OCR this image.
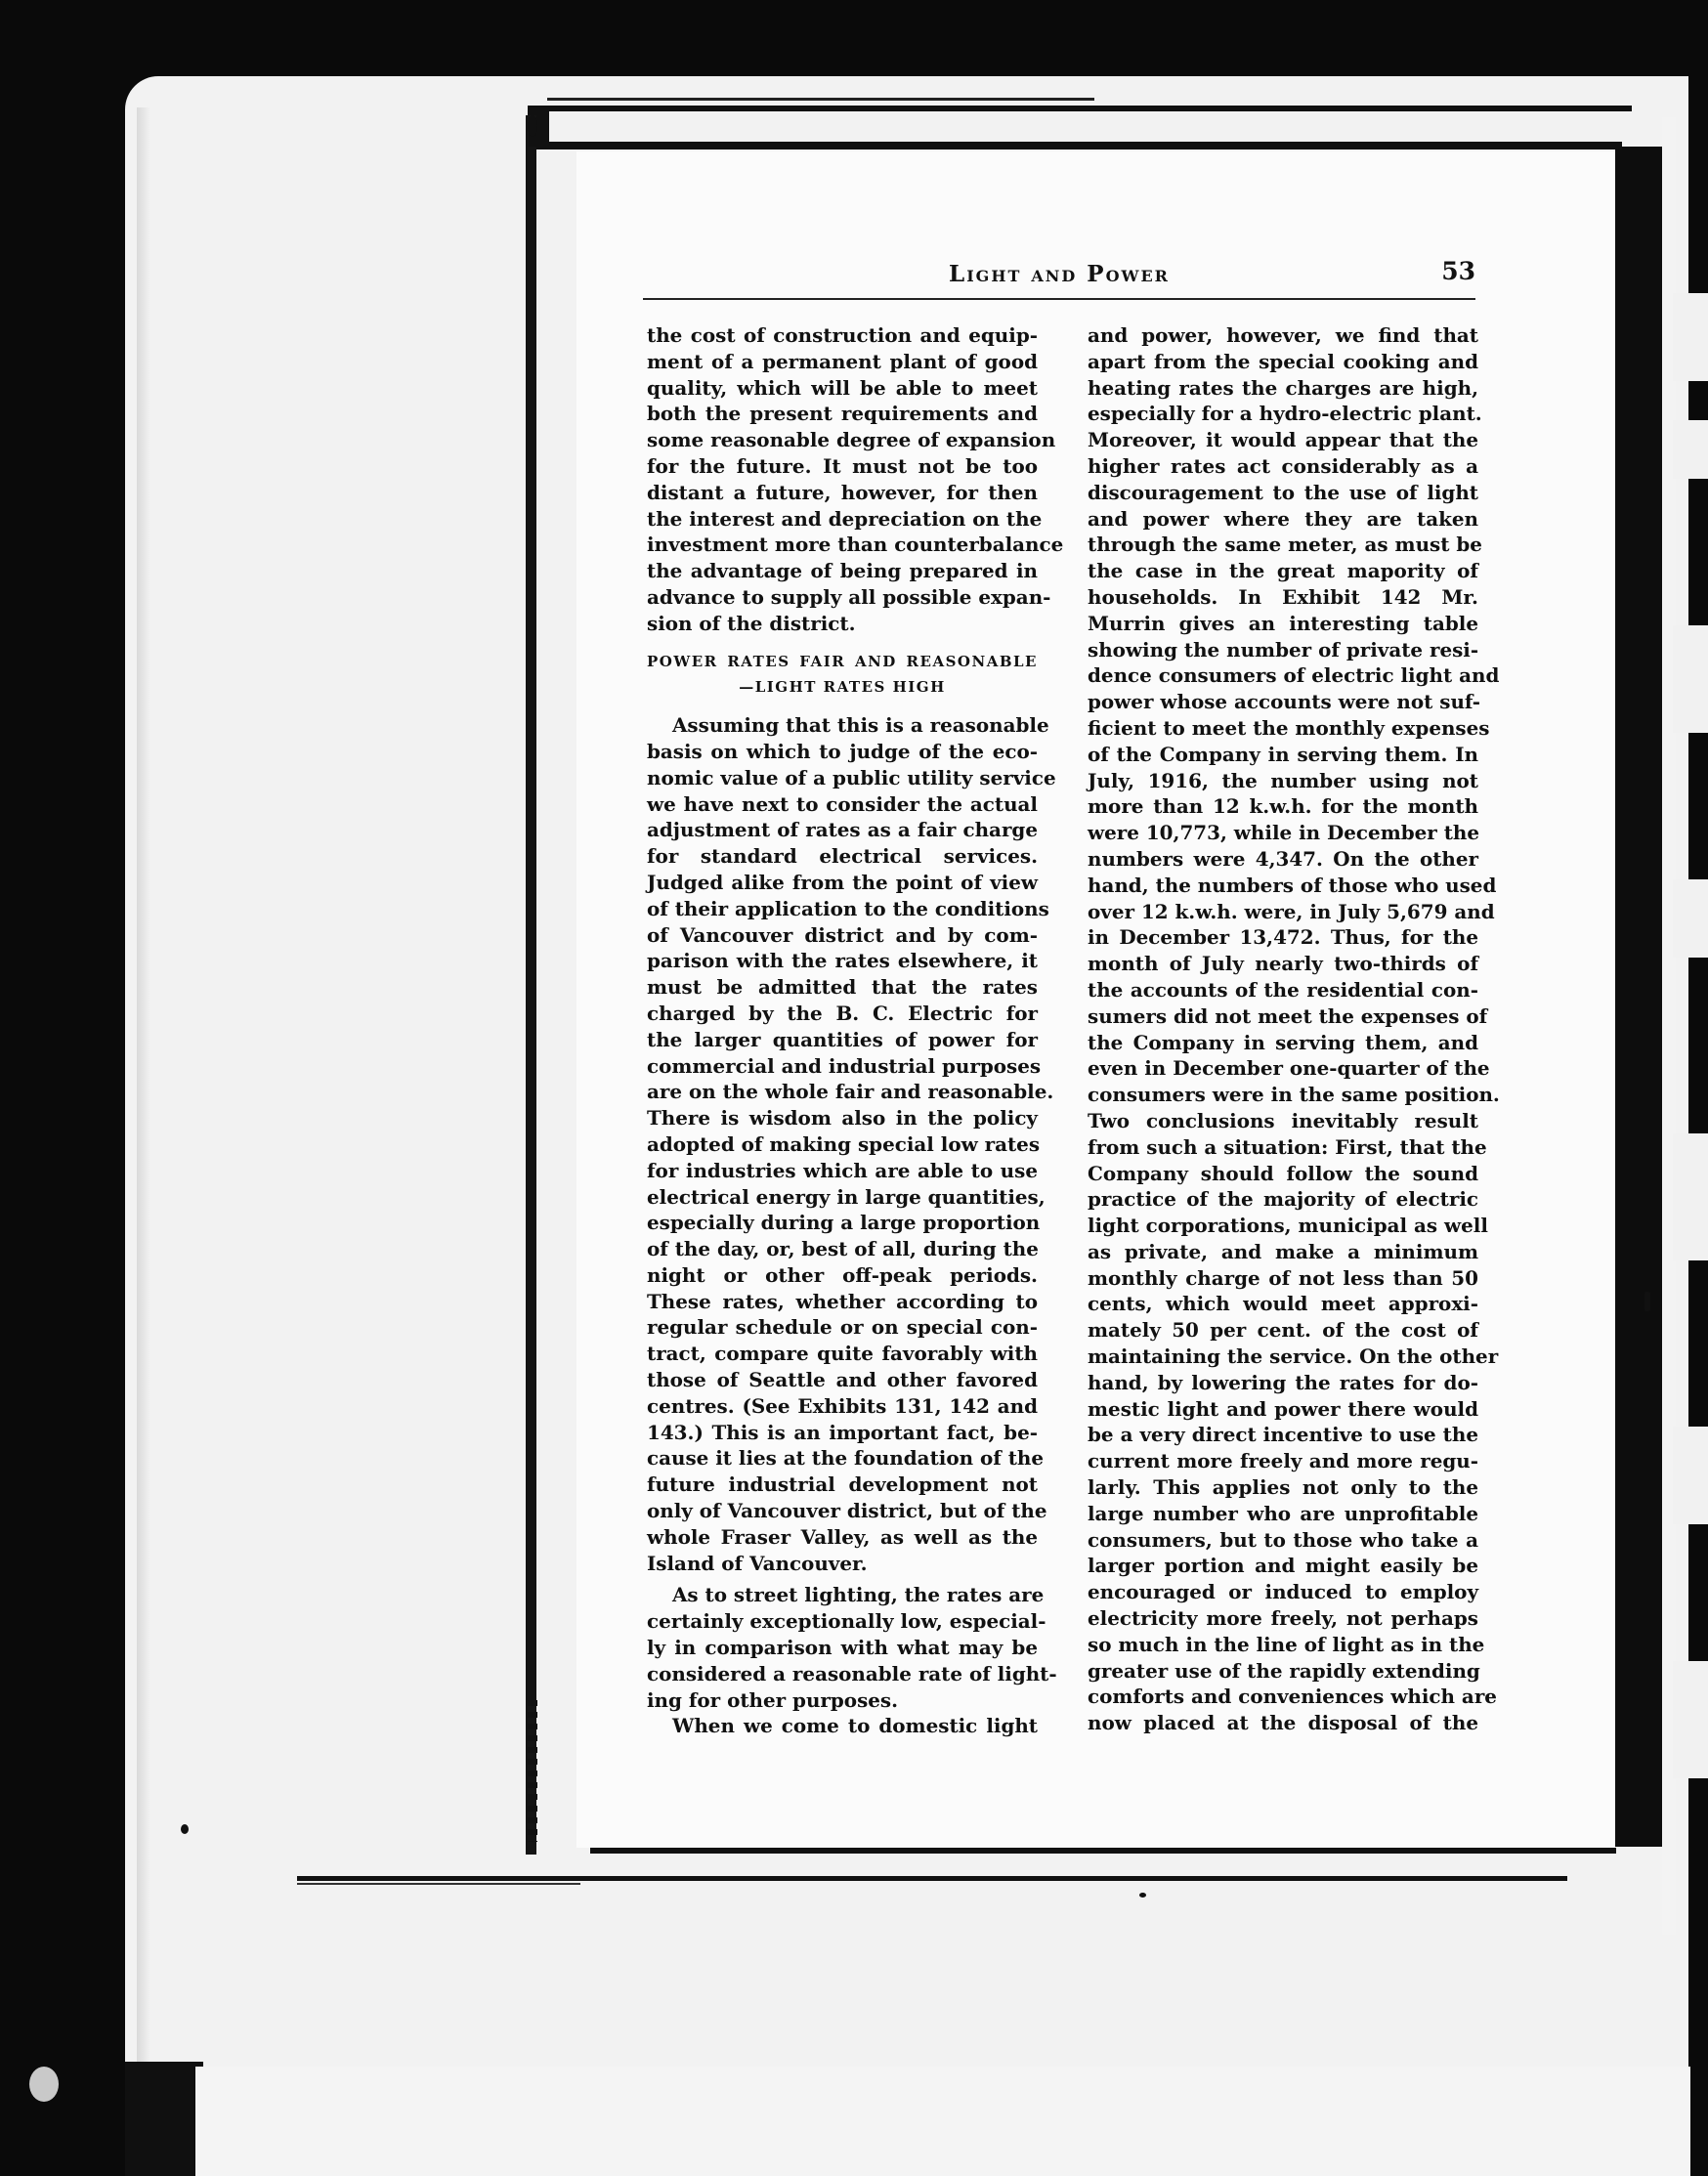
Light and Power	53
the cost of construction and equip-
ment of a permanent plant of good
quality, which will be able to meet
both the present requirements and
some reasonable degree of expansion
for the future. It must not be too
distant a future, however, for then
the interest and depreciation on the
investment more than counterbalance
the advantage of being prepared in
advance to supply all possible expan-
sion of the district.
POWER RATES FAIR AND REASONABLE
—LIGHT RATES HIGH
Assuming that this is a reasonable
basis on which to judge of the eco-
nomic value of a public utility service
we have next to consider the actual
adjustment of rates as a fair charge
for standard electrical services.
Judged alike from the point of view
of their application to the conditions
of Vancouver district and by com-
parison with the rates elsewhere, it
must be admitted that the rates
charged by the B. C. Electric for
the larger quantities of power for
commercial and industrial purposes
are on the whole fair and reasonable.
There is wisdom also in the policy
adopted of making special low rates
for industries which are able to use
electrical energy in large quantities,
especially during a large proportion
of the day, or, best of all, during the
night or other off-peak periods.
These rates, whether according to
regular schedule or on special con-
tract, compare quite favorably with
those of Seattle and other favored
centres. (See Exhibits 131, 142 and
143.) This is an important fact, be-
cause it lies at the foundation of the
future industrial development not
only of Vancouver district, but of the
whole Fraser Valley, as well as the
Island of Vancouver.
As to street lighting, the rates are
certainly exceptionally low, especial-
ly in comparison with what may be
considered a reasonable rate of light-
ing for other purposes.
When we come to domestic light
and power, however, we find that
apart from the special cooking and
heating rates the charges are high,
especially for a hydro-electric plant.
Moreover, it would appear that the
higher rates act considerably as a
discouragement to the use of light
and power where they are taken
through the same meter, as must be
the case in the great mapority of
households. In Exhibit 142 Mr.
Murrin gives an interesting table
showing the number of private resi-
dence consumers of electric light and
power whose accounts were not suf-
ficient to meet the monthly expenses
of the Company in serving them. In
July, 1916, the number using not
more than 12 k.w.h. for the month
were 10,773, while in December the
numbers were 4,347. On the other
hand, the numbers of those who used
over 12 k.w.h. were, in July 5,679 and
in December 13,472. Thus, for the
month of July nearly two-thirds of
the accounts of the residential con-
sumers did not meet the expenses of
the Company in serving them, and
even in December one-quarter of the
consumers were in the same position.
Two conclusions inevitably result
from such a situation: First, that the
Company should follow the sound
practice of the majority of electric
light corporations, municipal as well
as private, and make a minimum
monthly charge of not less than 50
cents, which would meet approxi-
mately 50 per cent. of the cost of
maintaining the service. On the other
hand, by lowering the rates for do-
mestic light and power there would
be a very direct incentive to use the
current more freely and more regu-
larly. This applies not only to the
large number who are unprofitable
consumers, but to those who take a
larger portion and might easily be
encouraged or induced to employ
electricity more freely, not perhaps
so much in the line of light as in the
greater use of the rapidly extending
comforts and conveniences which are
now placed at the disposal of the
